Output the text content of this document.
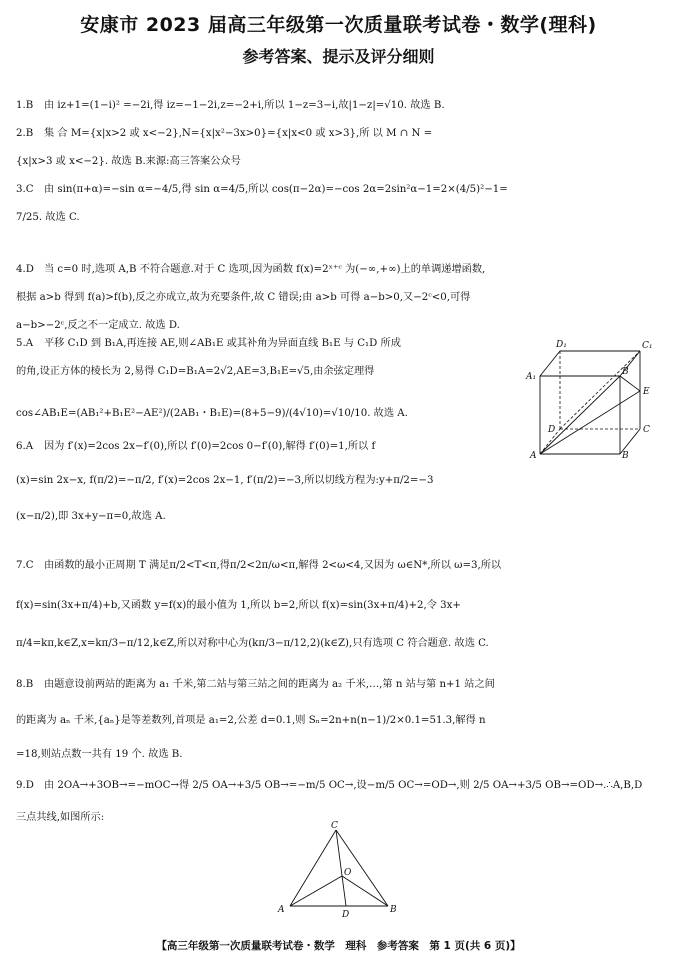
安康市 2023 届高三年级第一次质量联考试卷・数学(理科)
参考答案、提示及评分细则
1.B 由 iz+1=(1−i)² =−2i,得 iz=−1−2i,z=−2+i,所以 1−z=3−i,故|1−z|=√10. 故选 B.
2.B 集 合 M={x|x>2 或 x<−2},N={x|x²−3x>0}={x|x<0 或 x>3},所 以 M ∩ N =
{x|x>3 或 x<−2}. 故选 B.来源:高三答案公众号
3.C 由 sin(π+α)=−sin α=−4/5,得 sin α=4/5,所以 cos(π−2α)=−cos 2α=2sin²α−1=2×(4/5)²−1=
7/25. 故选 C.
4.D 当 c=0 时,选项 A,B 不符合题意.对于 C 选项,因为函数 f(x)=2ˣ⁺ᶜ 为(−∞,+∞)上的单调递增函数,
根据 a>b 得到 f(a)>f(b),反之亦成立,故为充要条件,故 C 错误;由 a>b 可得 a−b>0,又−2ᶜ<0,可得
a−b>−2ᶜ,反之不一定成立. 故选 D.
5.A 平移 C₁D 到 B₁A,再连接 AE,则∠AB₁E 或其补角为异面直线 B₁E 与 C₁D 所成
的角,设正方体的棱长为 2,易得 C₁D=B₁A=2√2,AE=3,B₁E=√5,由余弦定理得
cos∠AB₁E=(AB₁²+B₁E²−AE²)/(2AB₁・B₁E)=(8+5−9)/(4√10)=√10/10. 故选 A.
D₁	C₁
A₁	B
E
D	C
A	B
6.A 因为 f′(x)=2cos 2x−f′(0),所以 f′(0)=2cos 0−f′(0),解得 f′(0)=1,所以 f
(x)=sin 2x−x, f(π/2)=−π/2, f′(x)=2cos 2x−1, f′(π/2)=−3,所以切线方程为:y+π/2=−3
(x−π/2),即 3x+y−π=0,故选 A.
7.C 由函数的最小正周期 T 满足π/2<T<π,得π/2<2π/ω<π,解得 2<ω<4,又因为 ω∈N*,所以 ω=3,所以
f(x)=sin(3x+π/4)+b,又函数 y=f(x)的最小值为 1,所以 b=2,所以 f(x)=sin(3x+π/4)+2,令 3x+
π/4=kπ,k∈Z,x=kπ/3−π/12,k∈Z,所以对称中心为(kπ/3−π/12,2)(k∈Z),只有选项 C 符合题意. 故选 C.
8.B 由题意设前两站的距离为 a₁ 千米,第二站与第三站之间的距离为 a₂ 千米,…,第 n 站与第 n+1 站之间
的距离为 aₙ 千米,{aₙ}是等差数列,首项是 a₁=2,公差 d=0.1,则 Sₙ=2n+n(n−1)/2×0.1=51.3,解得 n
=18,则站点数一共有 19 个. 故选 B.
9.D 由 2OA→+3OB→=−mOC→得 2/5 OA→+3/5 OB→=−m/5 OC→,设−m/5 OC→=OD→,则 2/5 OA→+3/5 OB→=OD→.∴A,B,D
三点共线,如图所示:
C
O
A	D	B
【高三年级第一次质量联考试卷・数学　理科　参考答案　第 1 页(共 6 页)】
